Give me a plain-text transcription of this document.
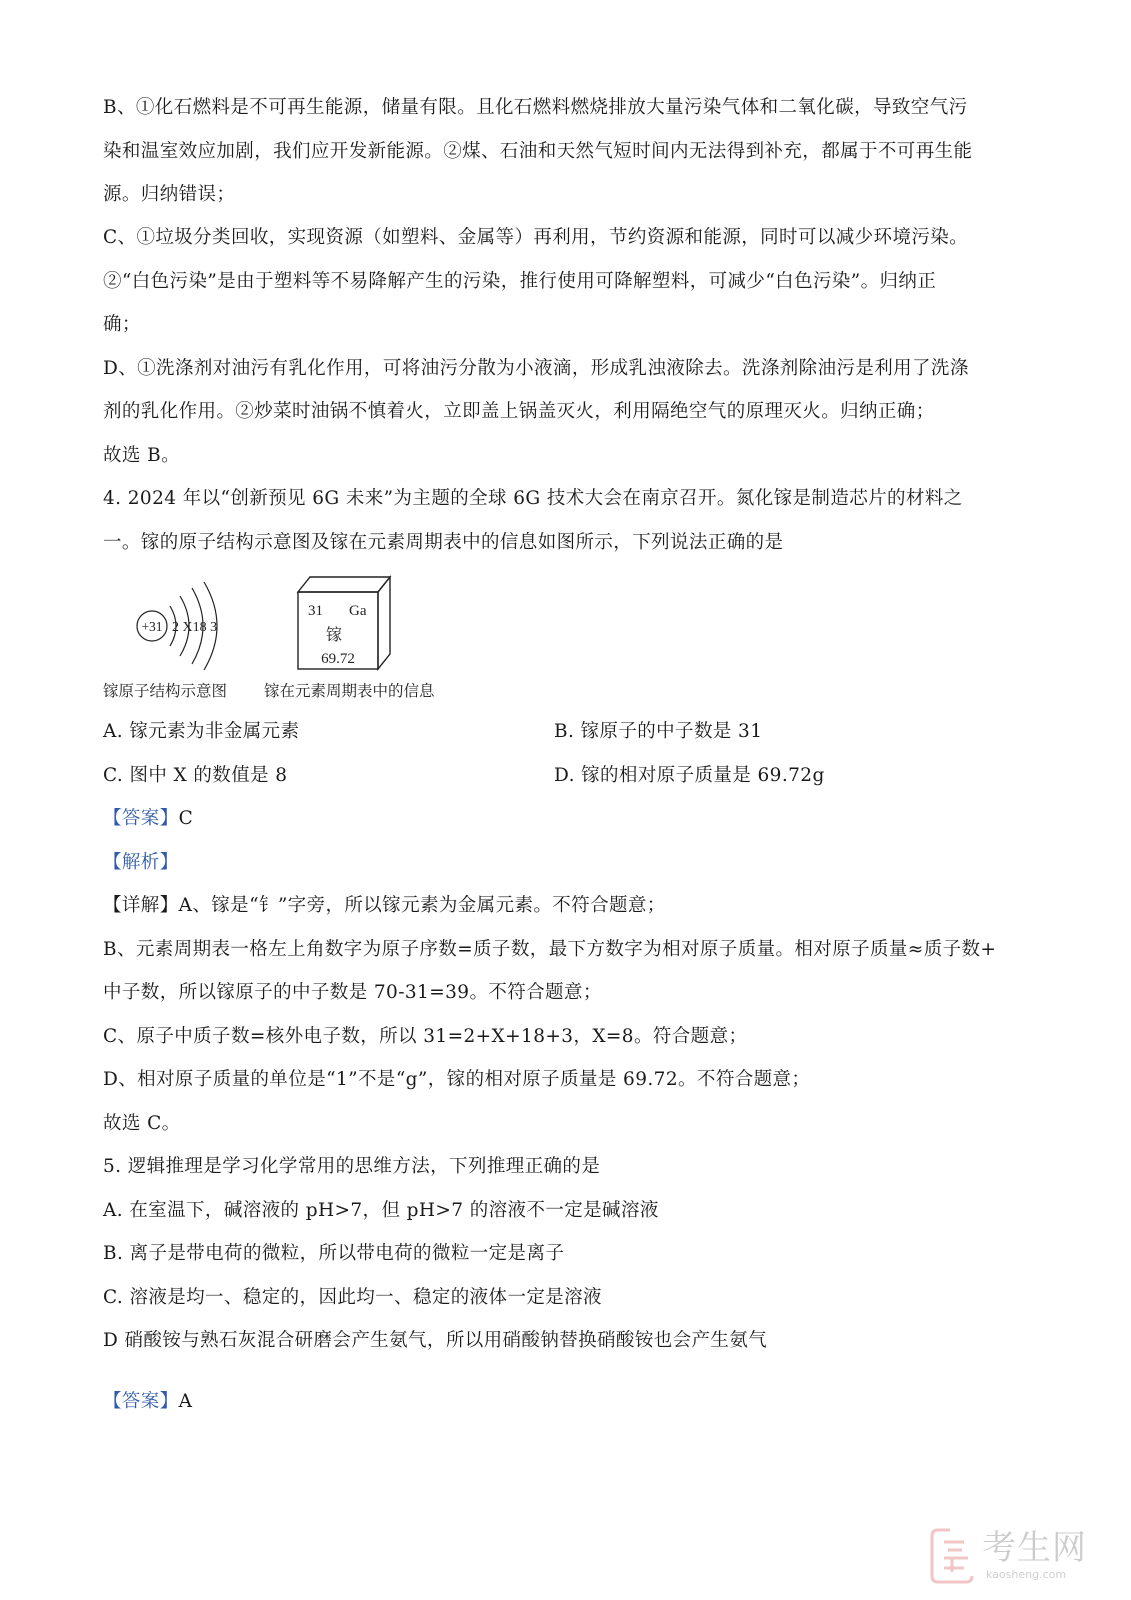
B、①化石燃料是不可再生能源，储量有限。且化石燃料燃烧排放大量污染气体和二氧化碳，导致空气污
染和温室效应加剧，我们应开发新能源。②煤、石油和天然气短时间内无法得到补充，都属于不可再生能
源。归纳错误；
C、①垃圾分类回收，实现资源（如塑料、金属等）再利用，节约资源和能源，同时可以减少环境污染。
②“白色污染”是由于塑料等不易降解产生的污染，推行使用可降解塑料，可减少“白色污染”。归纳正
确；
D、①洗涤剂对油污有乳化作用，可将油污分散为小液滴，形成乳浊液除去。洗涤剂除油污是利用了洗涤
剂的乳化作用。②炒菜时油锅不慎着火，立即盖上锅盖灭火，利用隔绝空气的原理灭火。归纳正确；
故选 B。
4. 2024 年以“创新预见 6G 未来”为主题的全球 6G 技术大会在南京召开。氮化镓是制造芯片的材料之
一。镓的原子结构示意图及镓在元素周期表中的信息如图所示，下列说法正确的是
+31 2 X18 3
31 Ga
镓
69.72
镓原子结构示意图 镓在元素周期表中的信息
A. 镓元素为非金属元素	B. 镓原子的中子数是 31
C. 图中 X 的数值是 8	D. 镓的相对原子质量是 69.72g
【答案】C
【解析】
【详解】A、镓是“钅”字旁，所以镓元素为金属元素。不符合题意；
B、元素周期表一格左上角数字为原子序数=质子数，最下方数字为相对原子质量。相对原子质量≈质子数+
中子数，所以镓原子的中子数是 70-31=39。不符合题意；
C、原子中质子数=核外电子数，所以 31=2+X+18+3，X=8。符合题意；
D、相对原子质量的单位是“1”不是“g”，镓的相对原子质量是 69.72。不符合题意；
故选 C。
5. 逻辑推理是学习化学常用的思维方法，下列推理正确的是
A. 在室温下，碱溶液的 pH>7，但 pH>7 的溶液不一定是碱溶液
B. 离子是带电荷的微粒，所以带电荷的微粒一定是离子
C. 溶液是均一、稳定的，因此均一、稳定的液体一定是溶液
D 硝酸铵与熟石灰混合研磨会产生氨气，所以用硝酸钠替换硝酸铵也会产生氨气
【答案】A
考生网
kaosheng.com
